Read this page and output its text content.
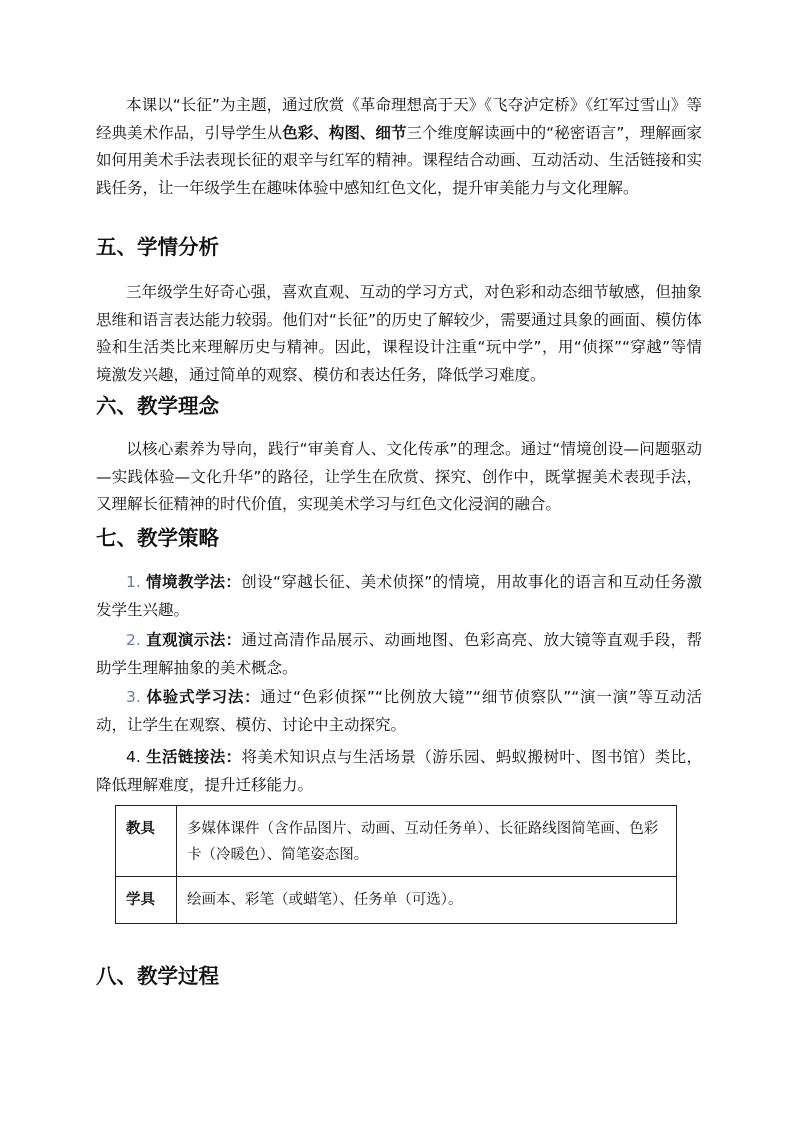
本课以“长征”为主题，通过欣赏《革命理想高于天》《飞夺泸定桥》《红军过雪山》等经典美术作品，引导学生从色彩、构图、细节三个维度解读画中的“秘密语言”，理解画家如何用美术手法表现长征的艰辛与红军的精神。课程结合动画、互动活动、生活链接和实践任务，让一年级学生在趣味体验中感知红色文化，提升审美能力与文化理解。

五、学情分析

三年级学生好奇心强，喜欢直观、互动的学习方式，对色彩和动态细节敏感，但抽象思维和语言表达能力较弱。他们对“长征”的历史了解较少，需要通过具象的画面、模仿体验和生活类比来理解历史与精神。因此，课程设计注重“玩中学”，用“侦探”“穿越”等情境激发兴趣，通过简单的观察、模仿和表达任务，降低学习难度。

六、教学理念

以核心素养为导向，践行“审美育人、文化传承”的理念。通过“情境创设—问题驱动—实践体验—文化升华”的路径，让学生在欣赏、探究、创作中，既掌握美术表现手法，又理解长征精神的时代价值，实现美术学习与红色文化浸润的融合。

七、教学策略

1. 情境教学法：创设“穿越长征、美术侦探”的情境，用故事化的语言和互动任务激发学生兴趣。

2. 直观演示法：通过高清作品展示、动画地图、色彩高亮、放大镜等直观手段，帮助学生理解抽象的美术概念。

3. 体验式学习法：通过“色彩侦探”“比例放大镜”“细节侦察队”“演一演”等互动活动，让学生在观察、模仿、讨论中主动探究。

4. 生活链接法：将美术知识点与生活场景（游乐园、蚂蚁搬树叶、图书馆）类比，降低理解难度，提升迁移能力。

教具	多媒体课件（含作品图片、动画、互动任务单）、长征路线图简笔画、色彩卡（冷暖色）、简笔姿态图。
学具	绘画本、彩笔（或蜡笔）、任务单（可选）。
八、教学过程
